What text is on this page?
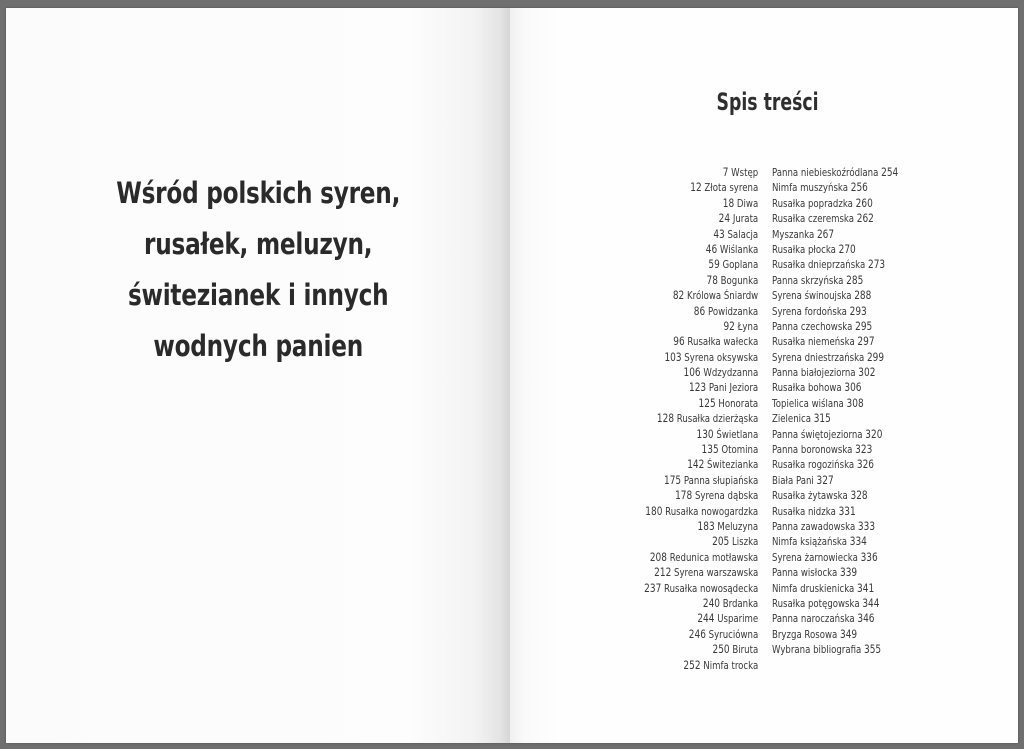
Wśród polskich syren,
rusałek, meluzyn,
świtezianek i innych
wodnych panien
Spis treści
7 Wstęp
12 Złota syrena
18 Diwa
24 Jurata
43 Salacja
46 Wiślanka
59 Goplana
78 Bogunka
82 Królowa Śniardw
86 Powidzanka
92 Łyna
96 Rusałka wałecka
103 Syrena oksywska
106 Wdzydzanna
123 Pani Jeziora
125 Honorata
128 Rusałka dzierżąska
130 Świetlana
135 Otomina
142 Świtezianka
175 Panna słupiańska
178 Syrena dąbska
180 Rusałka nowogardzka
183 Meluzyna
205 Liszka
208 Redunica motławska
212 Syrena warszawska
237 Rusałka nowosądecka
240 Brdanka
244 Usparime
246 Syruciówna
250 Biruta
252 Nimfa trocka
Panna niebieskoźródlana 254
Nimfa muszyńska 256
Rusałka popradzka 260
Rusałka czeremska 262
Myszanka 267
Rusałka płocka 270
Rusałka dnieprzańska 273
Panna skrzyńska 285
Syrena świnoujska 288
Syrena fordońska 293
Panna czechowska 295
Rusałka niemeńska 297
Syrena dniestrzańska 299
Panna białojeziorna 302
Rusałka bohowa 306
Topielica wiślana 308
Zielenica 315
Panna świętojeziorna 320
Panna boronowska 323
Rusałka rogozińska 326
Biała Pani 327
Rusałka żytawska 328
Rusałka nidzka 331
Panna zawadowska 333
Nimfa książańska 334
Syrena żarnowiecka 336
Panna wisłocka 339
Nimfa druskienicka 341
Rusałka potęgowska 344
Panna naroczańska 346
Bryzga Rosowa 349
Wybrana bibliografia 355
